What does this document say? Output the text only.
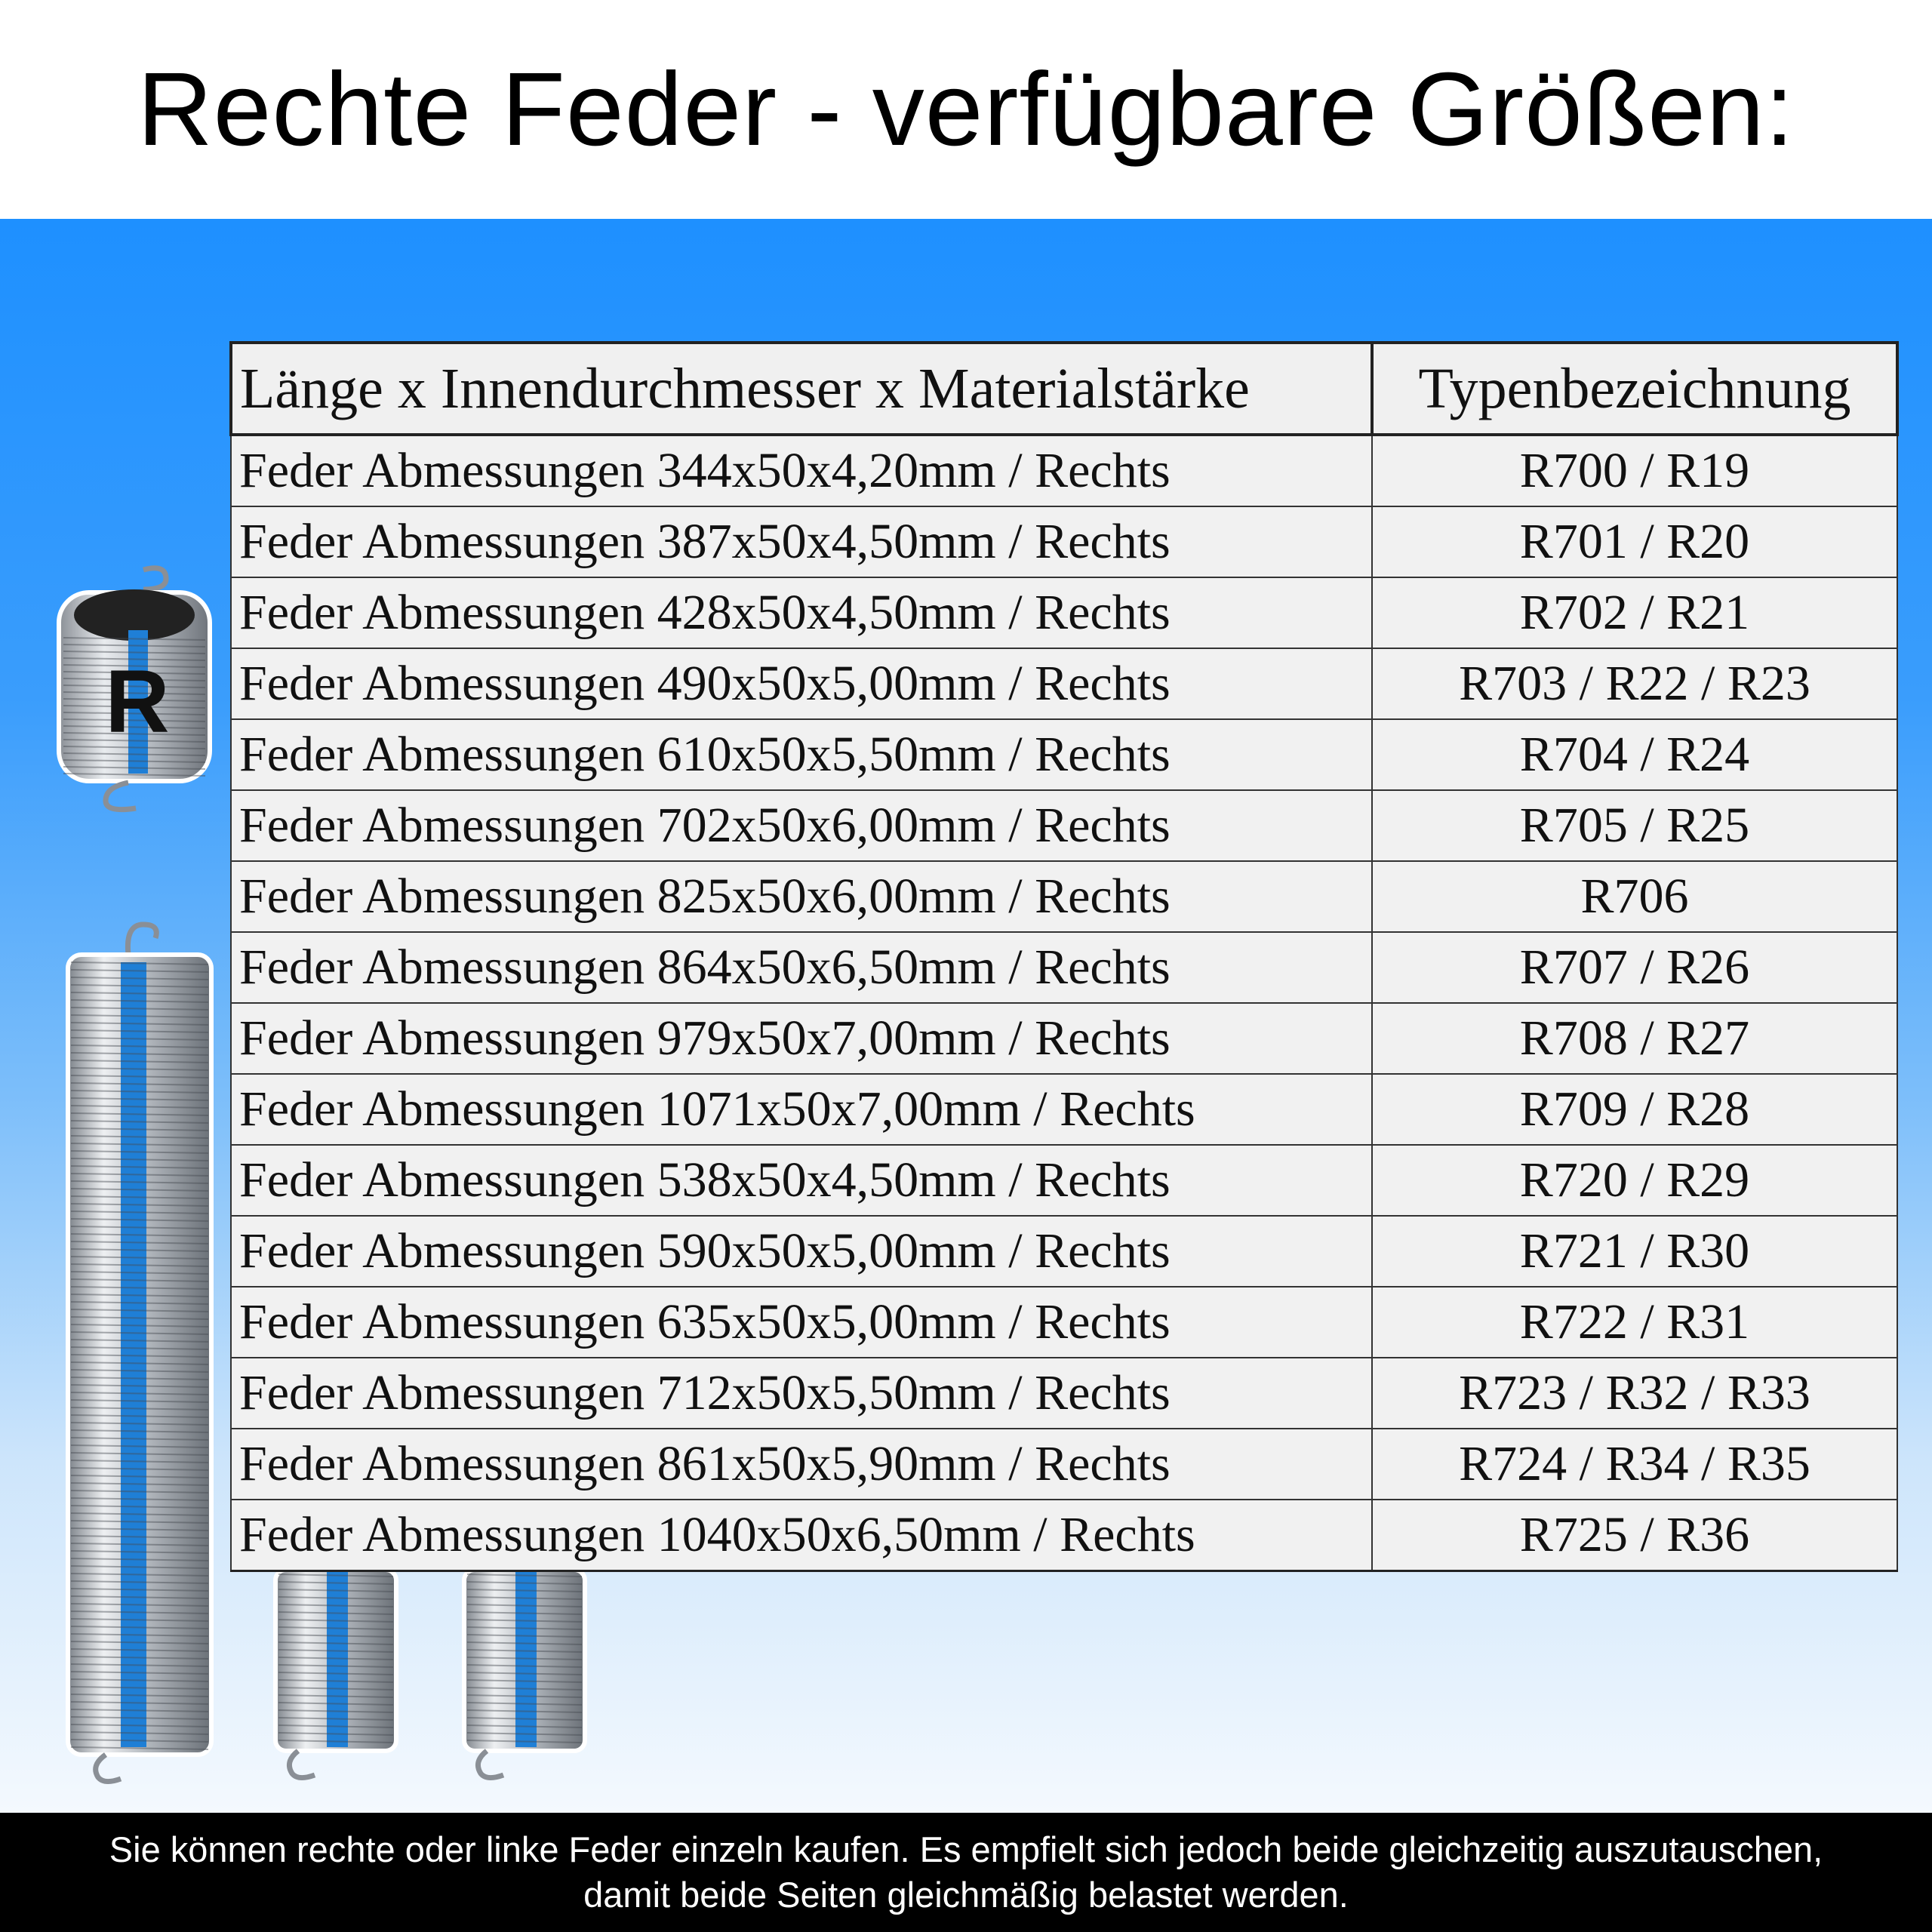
Rechte Feder - verfügbare Größen:
R
Länge x Innendurchmesser x Materialstärke	Typenbezeichnung
Feder Abmessungen 344x50x4,20mm / Rechts	R700 / R19
Feder Abmessungen 387x50x4,50mm / Rechts	R701 / R20
Feder Abmessungen 428x50x4,50mm / Rechts	R702 / R21
Feder Abmessungen 490x50x5,00mm / Rechts	R703 / R22 / R23
Feder Abmessungen 610x50x5,50mm / Rechts	R704 / R24
Feder Abmessungen 702x50x6,00mm / Rechts	R705 / R25
Feder Abmessungen 825x50x6,00mm / Rechts	R706
Feder Abmessungen 864x50x6,50mm / Rechts	R707 / R26
Feder Abmessungen 979x50x7,00mm / Rechts	R708 / R27
Feder Abmessungen 1071x50x7,00mm / Rechts	R709 / R28
Feder Abmessungen 538x50x4,50mm / Rechts	R720 / R29
Feder Abmessungen 590x50x5,00mm / Rechts	R721 / R30
Feder Abmessungen 635x50x5,00mm / Rechts	R722 / R31
Feder Abmessungen 712x50x5,50mm / Rechts	R723 / R32 / R33
Feder Abmessungen 861x50x5,90mm / Rechts	R724 / R34 / R35
Feder Abmessungen 1040x50x6,50mm / Rechts	R725 / R36
Sie können rechte oder linke Feder einzeln kaufen. Es empfielt sich jedoch beide gleichzeitig auszutauschen,
damit beide Seiten gleichmäßig belastet werden.
